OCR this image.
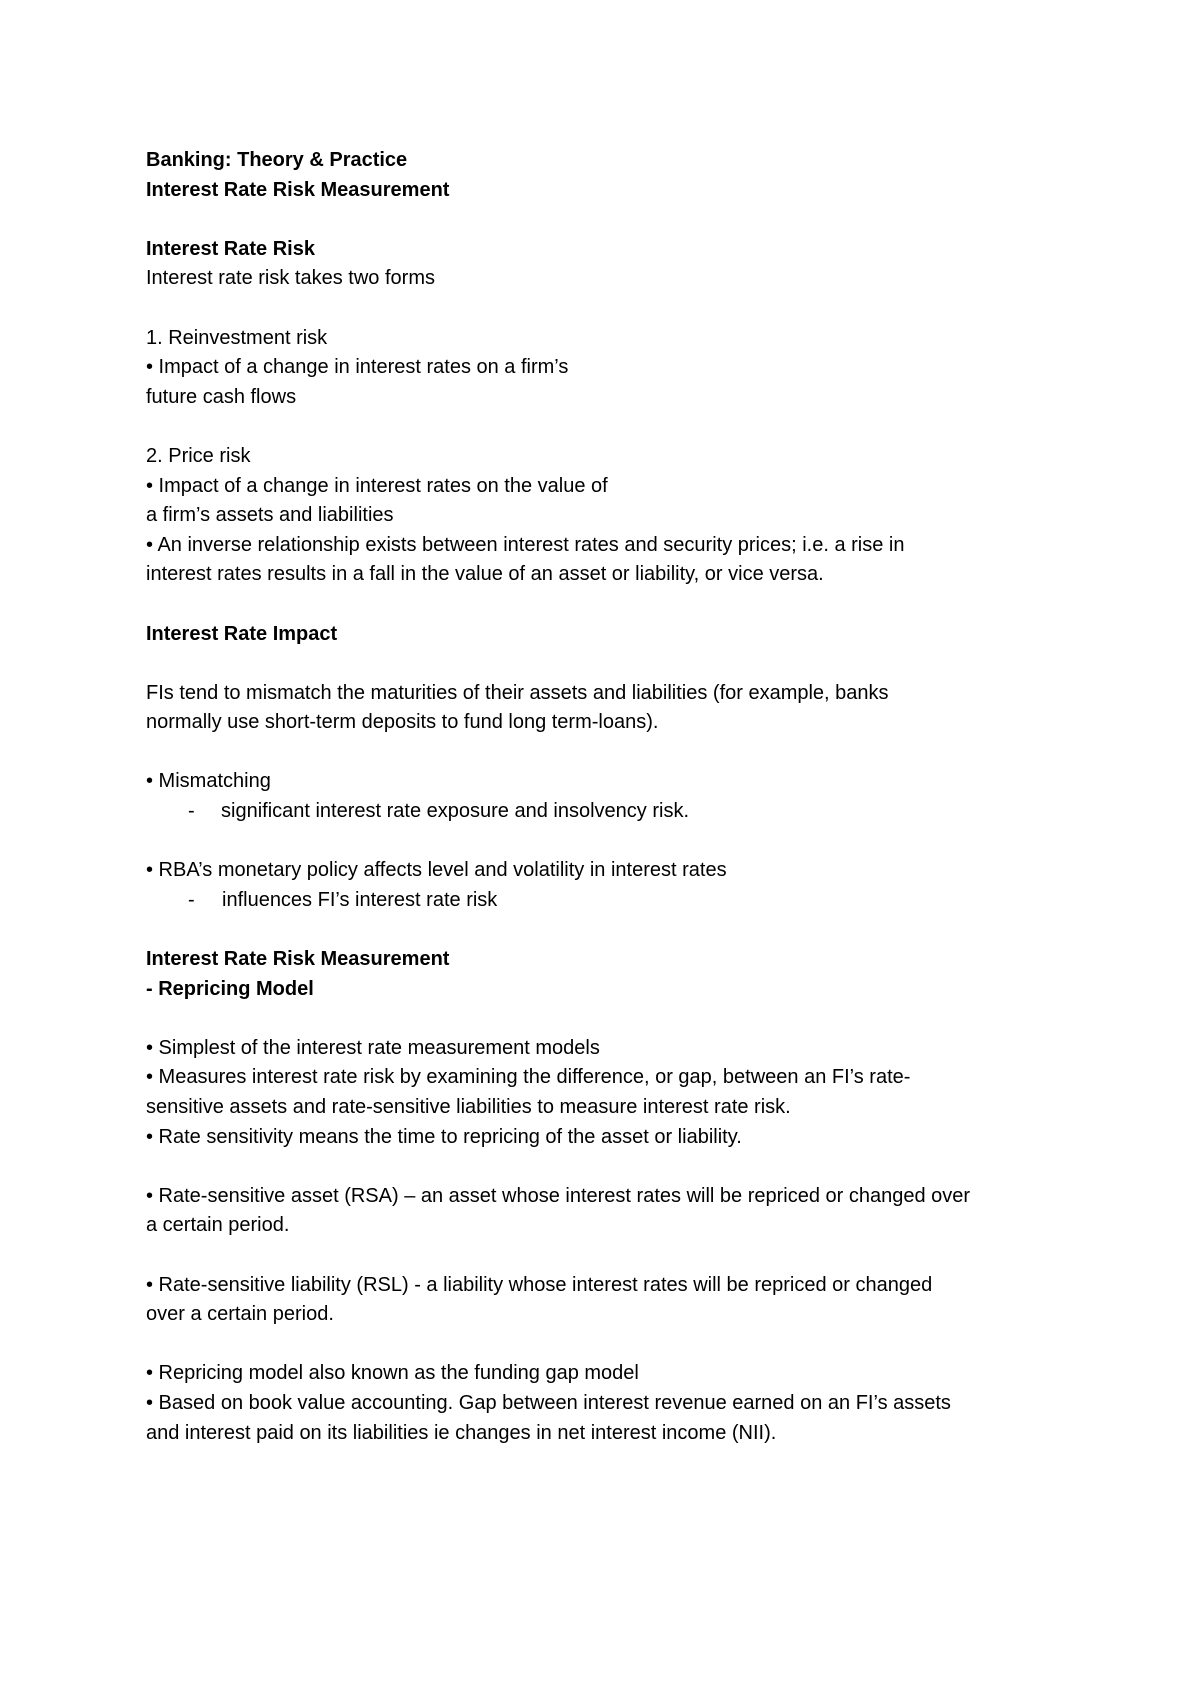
Banking: Theory & Practice
Interest Rate Risk Measurement
Interest Rate Risk
Interest rate risk takes two forms
1. Reinvestment risk
• Impact of a change in interest rates on a firm’s
future cash flows
2. Price risk
• Impact of a change in interest rates on the value of
a firm’s assets and liabilities
• An inverse relationship exists between interest rates and security prices; i.e. a rise in
interest rates results in a fall in the value of an asset or liability, or vice versa.
Interest Rate Impact
FIs tend to mismatch the maturities of their assets and liabilities (for example, banks
normally use short-term deposits to fund long term-loans).
• Mismatching
- significant interest rate exposure and insolvency risk.
• RBA’s monetary policy affects level and volatility in interest rates
- influences FI’s interest rate risk
Interest Rate Risk Measurement
- Repricing Model
• Simplest of the interest rate measurement models
• Measures interest rate risk by examining the difference, or gap, between an FI’s rate-
sensitive assets and rate-sensitive liabilities to measure interest rate risk.
• Rate sensitivity means the time to repricing of the asset or liability.
• Rate-sensitive asset (RSA) – an asset whose interest rates will be repriced or changed over
a certain period.
• Rate-sensitive liability (RSL) - a liability whose interest rates will be repriced or changed
over a certain period.
• Repricing model also known as the funding gap model
• Based on book value accounting. Gap between interest revenue earned on an FI’s assets
and interest paid on its liabilities ie changes in net interest income (NII).
